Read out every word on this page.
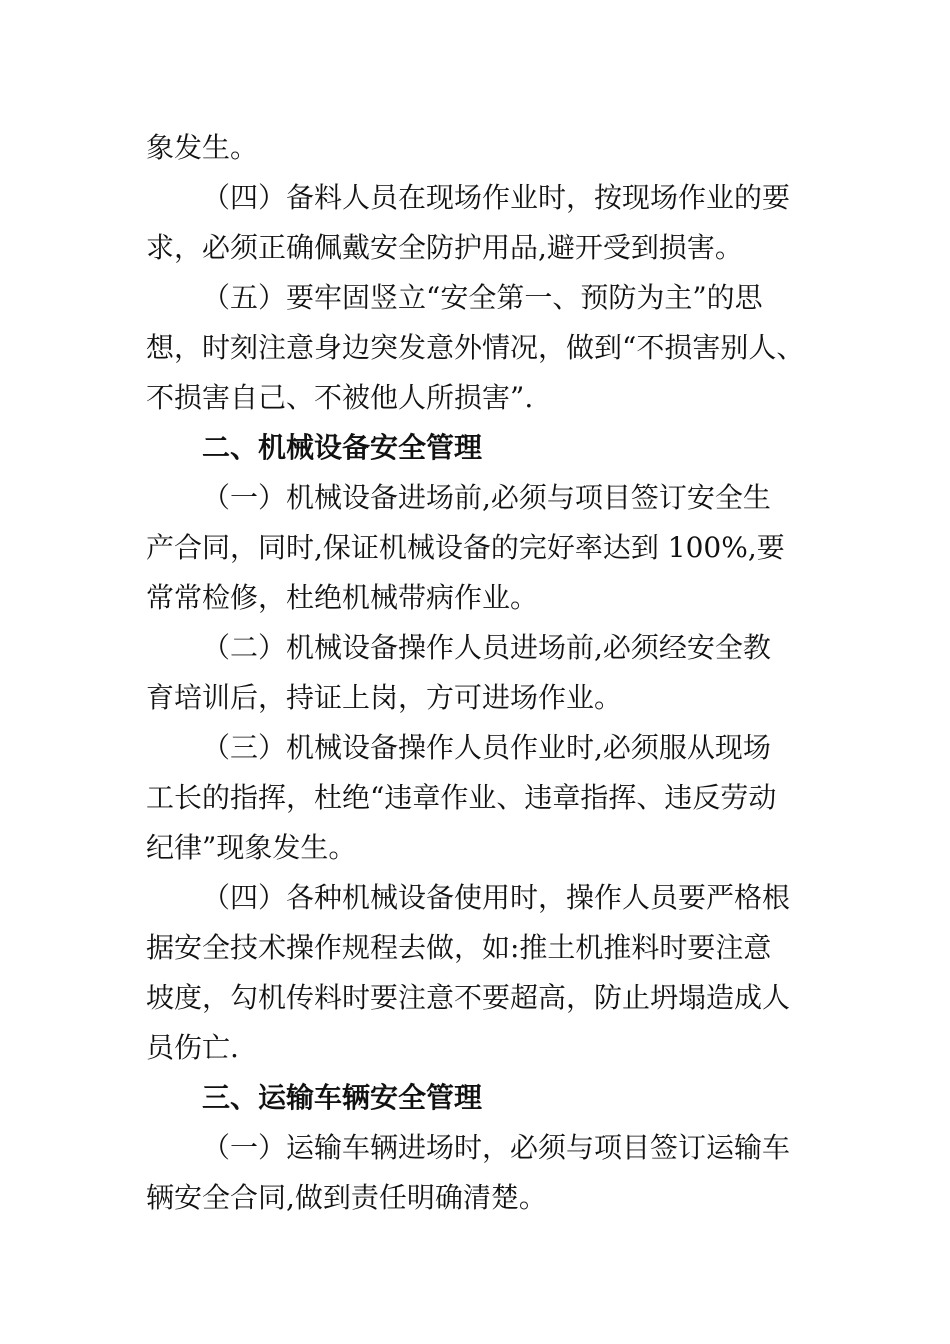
象发生。
（四）备料人员在现场作业时，按现场作业的要
求，必须正确佩戴安全防护用品,避开受到损害。
（五）要牢固竖立“安全第一、预防为主”的思
想，时刻注意身边突发意外情况，做到“不损害别人、
不损害自己、不被他人所损害”.
二、机械设备安全管理
（一）机械设备进场前,必须与项目签订安全生
产合同，同时,保证机械设备的完好率达到 100%,要
常常检修，杜绝机械带病作业。
（二）机械设备操作人员进场前,必须经安全教
育培训后，持证上岗，方可进场作业。
（三）机械设备操作人员作业时,必须服从现场
工长的指挥，杜绝“违章作业、违章指挥、违反劳动
纪律”现象发生。
（四）各种机械设备使用时，操作人员要严格根
据安全技术操作规程去做，如:推土机推料时要注意
坡度，勾机传料时要注意不要超高，防止坍塌造成人
员伤亡.
三、运输车辆安全管理
（一）运输车辆进场时，必须与项目签订运输车
辆安全合同,做到责任明确清楚。
